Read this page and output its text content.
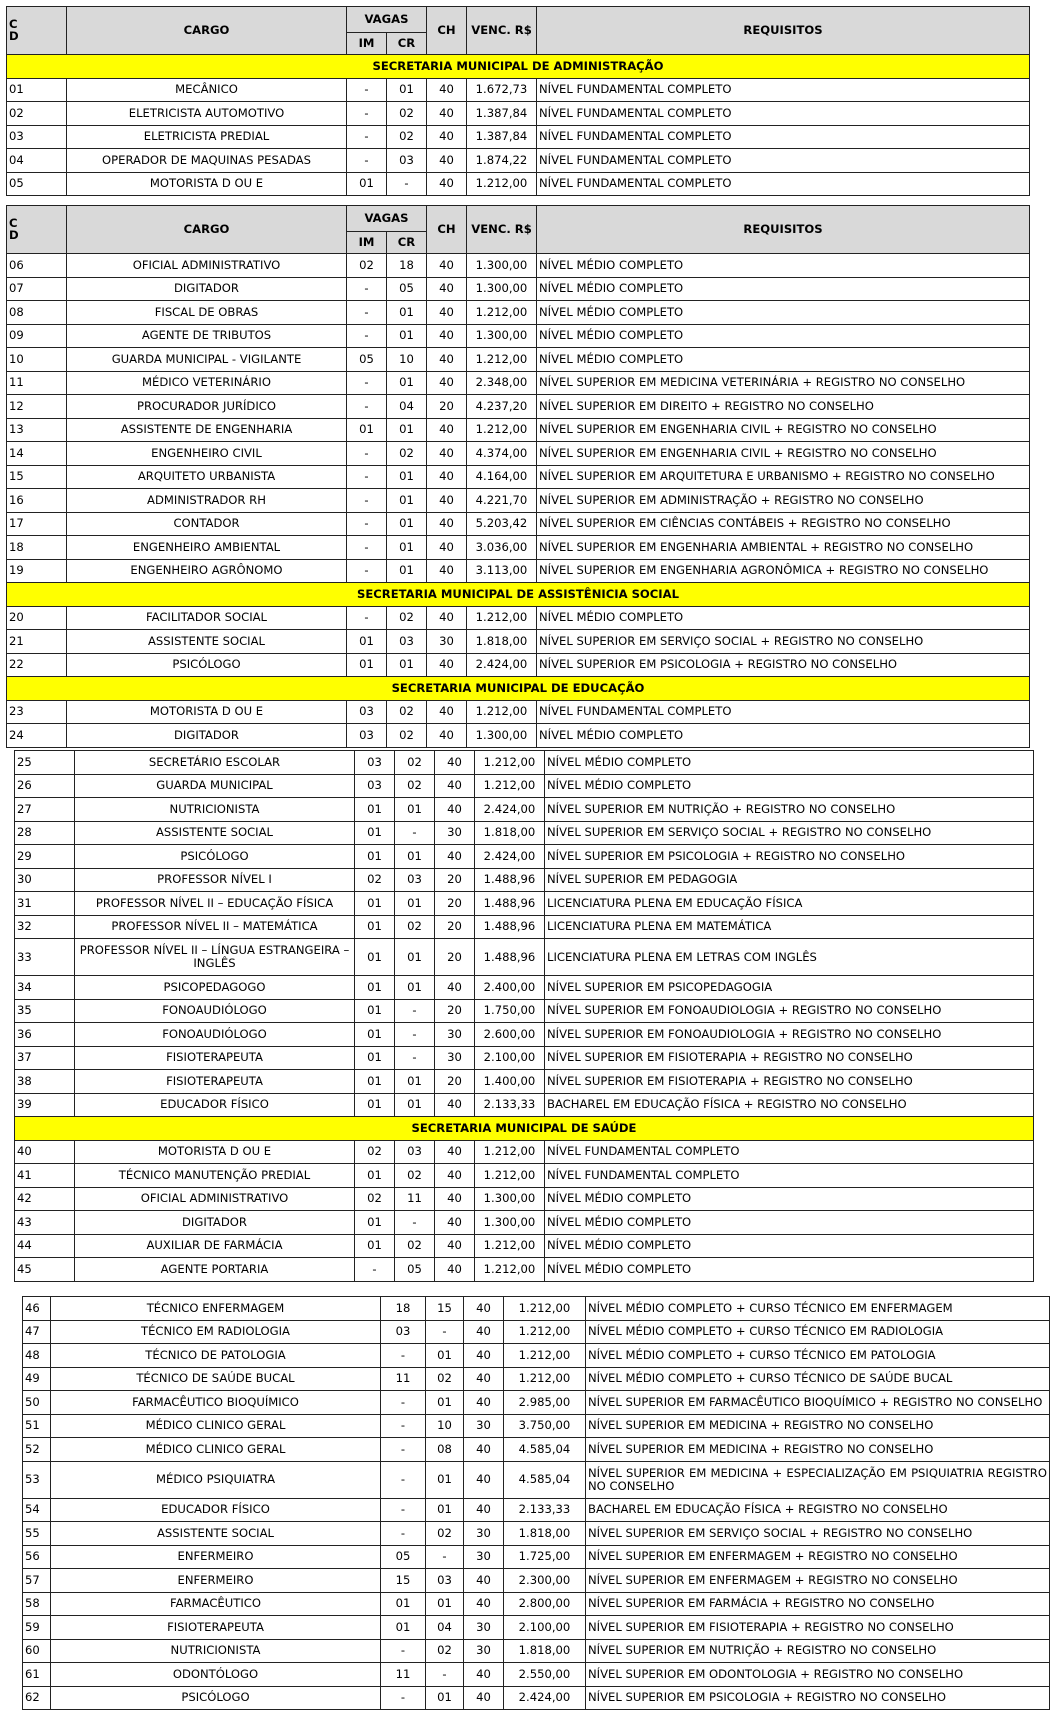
C D	CARGO	VAGAS		CH	VENC. R$	REQUISITOS
		IM	CR			
SECRETARIA MUNICIPAL DE ADMINISTRAÇÃO						
01	MECÂNICO	-	01	40	1.672,73	NÍVEL FUNDAMENTAL COMPLETO
02	ELETRICISTA AUTOMOTIVO	-	02	40	1.387,84	NÍVEL FUNDAMENTAL COMPLETO
03	ELETRICISTA PREDIAL	-	02	40	1.387,84	NÍVEL FUNDAMENTAL COMPLETO
04	OPERADOR DE MAQUINAS PESADAS	-	03	40	1.874,22	NÍVEL FUNDAMENTAL COMPLETO
05	MOTORISTA D OU E	01	-	40	1.212,00	NÍVEL FUNDAMENTAL COMPLETO
C D	CARGO	VAGAS		CH	VENC. R$	REQUISITOS
		IM	CR			
06	OFICIAL ADMINISTRATIVO	02	18	40	1.300,00	NÍVEL MÉDIO COMPLETO
07	DIGITADOR	-	05	40	1.300,00	NÍVEL MÉDIO COMPLETO
08	FISCAL DE OBRAS	-	01	40	1.212,00	NÍVEL MÉDIO COMPLETO
09	AGENTE DE TRIBUTOS	-	01	40	1.300,00	NÍVEL MÉDIO COMPLETO
10	GUARDA MUNICIPAL - VIGILANTE	05	10	40	1.212,00	NÍVEL MÉDIO COMPLETO
11	MÉDICO VETERINÁRIO	-	01	40	2.348,00	NÍVEL SUPERIOR EM MEDICINA VETERINÁRIA + REGISTRO NO CONSELHO
12	PROCURADOR JURÍDICO	-	04	20	4.237,20	NÍVEL SUPERIOR EM DIREITO + REGISTRO NO CONSELHO
13	ASSISTENTE DE ENGENHARIA	01	01	40	1.212,00	NÍVEL SUPERIOR EM ENGENHARIA CIVIL + REGISTRO NO CONSELHO
14	ENGENHEIRO CIVIL	-	02	40	4.374,00	NÍVEL SUPERIOR EM ENGENHARIA CIVIL + REGISTRO NO CONSELHO
15	ARQUITETO URBANISTA	-	01	40	4.164,00	NÍVEL SUPERIOR EM ARQUITETURA E URBANISMO + REGISTRO NO CONSELHO
16	ADMINISTRADOR RH	-	01	40	4.221,70	NÍVEL SUPERIOR EM ADMINISTRAÇÃO + REGISTRO NO CONSELHO
17	CONTADOR	-	01	40	5.203,42	NÍVEL SUPERIOR EM CIÊNCIAS CONTÁBEIS + REGISTRO NO CONSELHO
18	ENGENHEIRO AMBIENTAL	-	01	40	3.036,00	NÍVEL SUPERIOR EM ENGENHARIA AMBIENTAL + REGISTRO NO CONSELHO
19	ENGENHEIRO AGRÔNOMO	-	01	40	3.113,00	NÍVEL SUPERIOR EM ENGENHARIA AGRONÔMICA + REGISTRO NO CONSELHO
SECRETARIA MUNICIPAL DE ASSISTÊNICIA SOCIAL						
20	FACILITADOR SOCIAL	-	02	40	1.212,00	NÍVEL MÉDIO COMPLETO
21	ASSISTENTE SOCIAL	01	03	30	1.818,00	NÍVEL SUPERIOR EM SERVIÇO SOCIAL + REGISTRO NO CONSELHO
22	PSICÓLOGO	01	01	40	2.424,00	NÍVEL SUPERIOR EM PSICOLOGIA + REGISTRO NO CONSELHO
SECRETARIA MUNICIPAL DE EDUCAÇÃO						
23	MOTORISTA D OU E	03	02	40	1.212,00	NÍVEL FUNDAMENTAL COMPLETO
24	DIGITADOR	03	02	40	1.300,00	NÍVEL MÉDIO COMPLETO
25	SECRETÁRIO ESCOLAR	03	02	40	1.212,00	NÍVEL MÉDIO COMPLETO
26	GUARDA MUNICIPAL	03	02	40	1.212,00	NÍVEL MÉDIO COMPLETO
27	NUTRICIONISTA	01	01	40	2.424,00	NÍVEL SUPERIOR EM NUTRIÇÃO + REGISTRO NO CONSELHO
28	ASSISTENTE SOCIAL	01	-	30	1.818,00	NÍVEL SUPERIOR EM SERVIÇO SOCIAL + REGISTRO NO CONSELHO
29	PSICÓLOGO	01	01	40	2.424,00	NÍVEL SUPERIOR EM PSICOLOGIA + REGISTRO NO CONSELHO
30	PROFESSOR NÍVEL I	02	03	20	1.488,96	NÍVEL SUPERIOR EM PEDAGOGIA
31	PROFESSOR NÍVEL II – EDUCAÇÃO FÍSICA	01	01	20	1.488,96	LICENCIATURA PLENA EM EDUCAÇÃO FÍSICA
32	PROFESSOR NÍVEL II – MATEMÁTICA	01	02	20	1.488,96	LICENCIATURA PLENA EM MATEMÁTICA
33	PROFESSOR NÍVEL II – LÍNGUA ESTRANGEIRA – INGLÊS	01	01	20	1.488,96	LICENCIATURA PLENA EM LETRAS COM INGLÊS
34	PSICOPEDAGOGO	01	01	40	2.400,00	NÍVEL SUPERIOR EM PSICOPEDAGOGIA
35	FONOAUDIÓLOGO	01	-	20	1.750,00	NÍVEL SUPERIOR EM FONOAUDIOLOGIA + REGISTRO NO CONSELHO
36	FONOAUDIÓLOGO	01	-	30	2.600,00	NÍVEL SUPERIOR EM FONOAUDIOLOGIA + REGISTRO NO CONSELHO
37	FISIOTERAPEUTA	01	-	30	2.100,00	NÍVEL SUPERIOR EM FISIOTERAPIA + REGISTRO NO CONSELHO
38	FISIOTERAPEUTA	01	01	20	1.400,00	NÍVEL SUPERIOR EM FISIOTERAPIA + REGISTRO NO CONSELHO
39	EDUCADOR FÍSICO	01	01	40	2.133,33	BACHAREL EM EDUCAÇÃO FÍSICA + REGISTRO NO CONSELHO
SECRETARIA MUNICIPAL DE SAÚDE						
40	MOTORISTA D OU E	02	03	40	1.212,00	NÍVEL FUNDAMENTAL COMPLETO
41	TÉCNICO MANUTENÇÃO PREDIAL	01	02	40	1.212,00	NÍVEL FUNDAMENTAL COMPLETO
42	OFICIAL ADMINISTRATIVO	02	11	40	1.300,00	NÍVEL MÉDIO COMPLETO
43	DIGITADOR	01	-	40	1.300,00	NÍVEL MÉDIO COMPLETO
44	AUXILIAR DE FARMÁCIA	01	02	40	1.212,00	NÍVEL MÉDIO COMPLETO
45	AGENTE PORTARIA	-	05	40	1.212,00	NÍVEL MÉDIO COMPLETO
46	TÉCNICO ENFERMAGEM	18	15	40	1.212,00	NÍVEL MÉDIO COMPLETO + CURSO TÉCNICO EM ENFERMAGEM
47	TÉCNICO EM RADIOLOGIA	03	-	40	1.212,00	NÍVEL MÉDIO COMPLETO + CURSO TÉCNICO EM RADIOLOGIA
48	TÉCNICO DE PATOLOGIA	-	01	40	1.212,00	NÍVEL MÉDIO COMPLETO + CURSO TÉCNICO EM PATOLOGIA
49	TÉCNICO DE SAÚDE BUCAL	11	02	40	1.212,00	NÍVEL MÉDIO COMPLETO + CURSO TÉCNICO DE SAÚDE BUCAL
50	FARMACÊUTICO BIOQUÍMICO	-	01	40	2.985,00	NÍVEL SUPERIOR EM FARMACÊUTICO BIOQUÍMICO + REGISTRO NO CONSELHO
51	MÉDICO CLINICO GERAL	-	10	30	3.750,00	NÍVEL SUPERIOR EM MEDICINA + REGISTRO NO CONSELHO
52	MÉDICO CLINICO GERAL	-	08	40	4.585,04	NÍVEL SUPERIOR EM MEDICINA + REGISTRO NO CONSELHO
53	MÉDICO PSIQUIATRA	-	01	40	4.585,04	NÍVEL SUPERIOR EM MEDICINA + ESPECIALIZAÇÃO EM PSIQUIATRIA REGISTRO NO CONSELHO
54	EDUCADOR FÍSICO	-	01	40	2.133,33	BACHAREL EM EDUCAÇÃO FÍSICA + REGISTRO NO CONSELHO
55	ASSISTENTE SOCIAL	-	02	30	1.818,00	NÍVEL SUPERIOR EM SERVIÇO SOCIAL + REGISTRO NO CONSELHO
56	ENFERMEIRO	05	-	30	1.725,00	NÍVEL SUPERIOR EM ENFERMAGEM + REGISTRO NO CONSELHO
57	ENFERMEIRO	15	03	40	2.300,00	NÍVEL SUPERIOR EM ENFERMAGEM + REGISTRO NO CONSELHO
58	FARMACÊUTICO	01	01	40	2.800,00	NÍVEL SUPERIOR EM FARMÁCIA + REGISTRO NO CONSELHO
59	FISIOTERAPEUTA	01	04	30	2.100,00	NÍVEL SUPERIOR EM FISIOTERAPIA + REGISTRO NO CONSELHO
60	NUTRICIONISTA	-	02	30	1.818,00	NÍVEL SUPERIOR EM NUTRIÇÃO + REGISTRO NO CONSELHO
61	ODONTÓLOGO	11	-	40	2.550,00	NÍVEL SUPERIOR EM ODONTOLOGIA + REGISTRO NO CONSELHO
62	PSICÓLOGO	-	01	40	2.424,00	NÍVEL SUPERIOR EM PSICOLOGIA + REGISTRO NO CONSELHO
